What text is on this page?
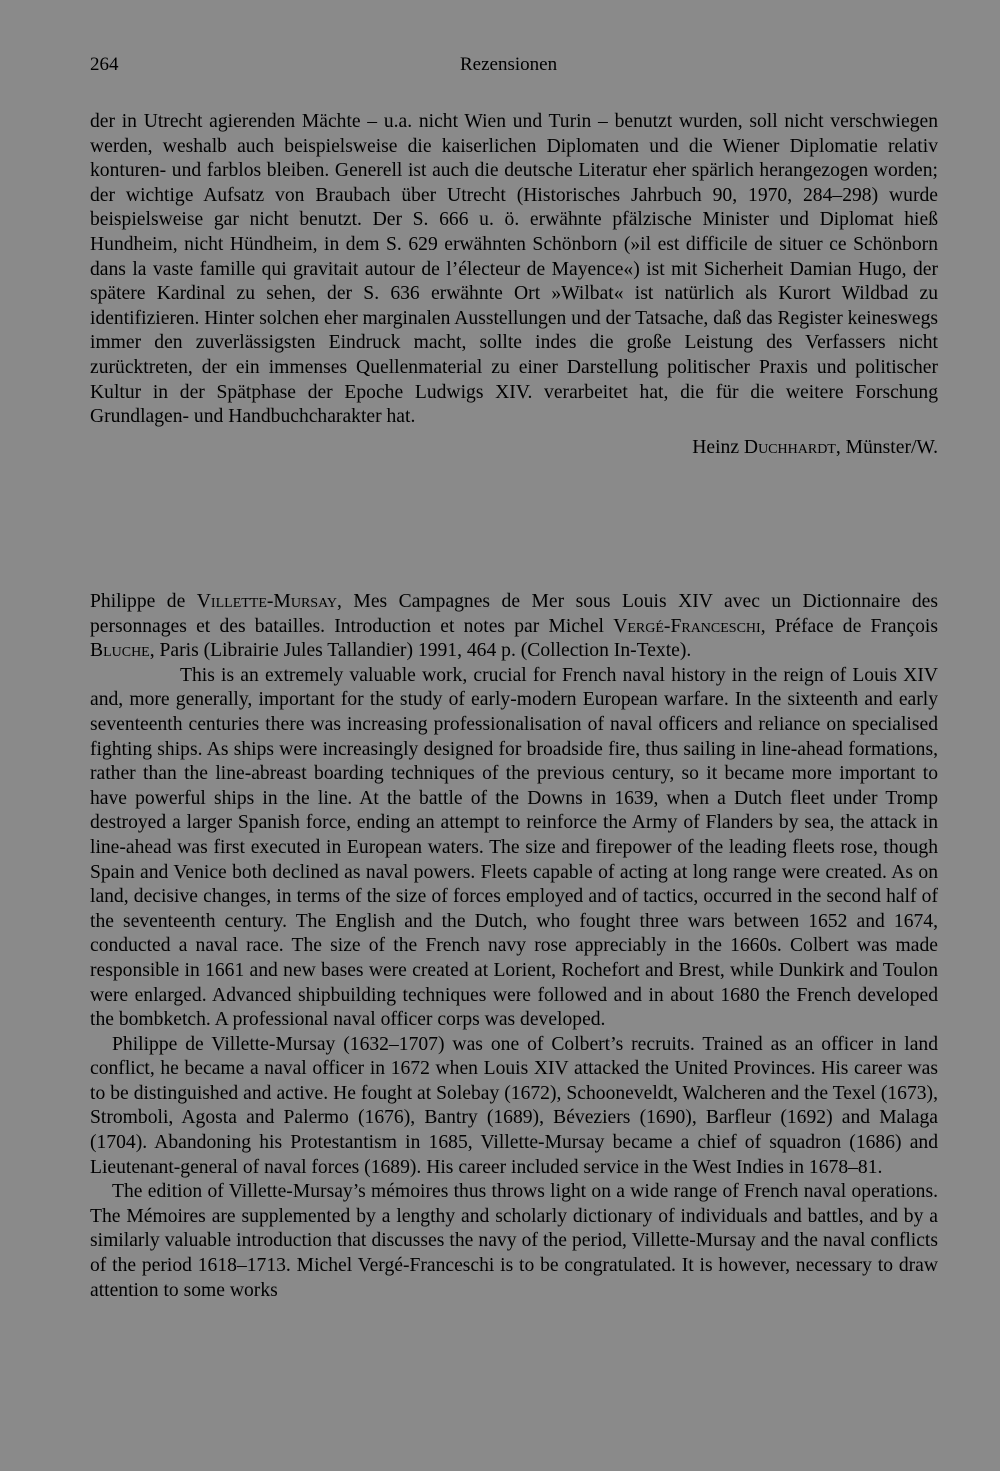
264	Rezensionen

der in Utrecht agierenden Mächte – u.a. nicht Wien und Turin – benutzt wurden, soll nicht verschwiegen werden, weshalb auch beispielsweise die kaiserlichen Diplomaten und die Wiener Diplomatie relativ konturen- und farblos bleiben. Generell ist auch die deutsche Literatur eher spärlich herangezogen worden; der wichtige Aufsatz von Braubach über Utrecht (Historisches Jahrbuch 90, 1970, 284–298) wurde beispielsweise gar nicht benutzt. Der S. 666 u. ö. erwähnte pfälzische Minister und Diplomat hieß Hundheim, nicht Hündheim, in dem S. 629 erwähnten Schönborn (»il est difficile de situer ce Schönborn dans la vaste famille qui gravitait autour de l’électeur de Mayence«) ist mit Sicherheit Damian Hugo, der spätere Kardinal zu sehen, der S. 636 erwähnte Ort »Wilbat« ist natürlich als Kurort Wildbad zu identifizieren. Hinter solchen eher marginalen Ausstellungen und der Tatsache, daß das Register keineswegs immer den zuverlässigsten Eindruck macht, sollte indes die große Leistung des Verfassers nicht zurücktreten, der ein immenses Quellenmaterial zu einer Darstellung politischer Praxis und politischer Kultur in der Spätphase der Epoche Ludwigs XIV. verarbeitet hat, die für die weitere Forschung Grundlagen- und Handbuchcharakter hat.

Heinz Duchhardt, Münster/W.

Philippe de Villette-Mursay, Mes Campagnes de Mer sous Louis XIV avec un Dictionnaire des personnages et des batailles. Introduction et notes par Michel Vergé-Franceschi, Préface de François Bluche, Paris (Librairie Jules Tallandier) 1991, 464 p. (Collection In-Texte).

This is an extremely valuable work, crucial for French naval history in the reign of Louis XIV and, more generally, important for the study of early-modern European warfare. In the sixteenth and early seventeenth centuries there was increasing professionalisation of naval officers and reliance on specialised fighting ships. As ships were increasingly designed for broadside fire, thus sailing in line-ahead formations, rather than the line-abreast boarding techniques of the previous century, so it became more important to have powerful ships in the line. At the battle of the Downs in 1639, when a Dutch fleet under Tromp destroyed a larger Spanish force, ending an attempt to reinforce the Army of Flanders by sea, the attack in line-ahead was first executed in European waters. The size and firepower of the leading fleets rose, though Spain and Venice both declined as naval powers. Fleets capable of acting at long range were created. As on land, decisive changes, in terms of the size of forces employed and of tactics, occurred in the second half of the seventeenth century. The English and the Dutch, who fought three wars between 1652 and 1674, conducted a naval race. The size of the French navy rose appreciably in the 1660s. Colbert was made responsible in 1661 and new bases were created at Lorient, Rochefort and Brest, while Dunkirk and Toulon were enlarged. Advanced shipbuilding techniques were followed and in about 1680 the French developed the bombketch. A professional naval officer corps was developed.

Philippe de Villette-Mursay (1632–1707) was one of Colbert’s recruits. Trained as an officer in land conflict, he became a naval officer in 1672 when Louis XIV attacked the United Provinces. His career was to be distinguished and active. He fought at Solebay (1672), Schooneveldt, Walcheren and the Texel (1673), Stromboli, Agosta and Palermo (1676), Bantry (1689), Béveziers (1690), Barfleur (1692) and Malaga (1704). Abandoning his Protestantism in 1685, Villette-Mursay became a chief of squadron (1686) and Lieutenant-general of naval forces (1689). His career included service in the West Indies in 1678–81.

The edition of Villette-Mursay’s mémoires thus throws light on a wide range of French naval operations. The Mémoires are supplemented by a lengthy and scholarly dictionary of individuals and battles, and by a similarly valuable introduction that discusses the navy of the period, Villette-Mursay and the naval conflicts of the period 1618–1713. Michel Vergé-Franceschi is to be congratulated. It is however, necessary to draw attention to some works
